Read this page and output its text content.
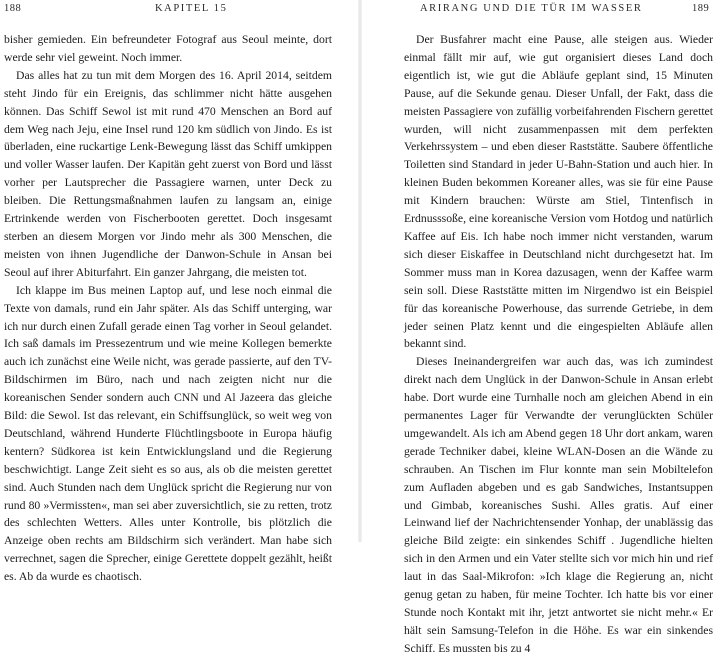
188	KAPITEL 15

bisher gemieden. Ein befreundeter Fotograf aus Seoul meinte, dort werde sehr viel geweint. Noch immer.

Das alles hat zu tun mit dem Morgen des 16. April 2014, seitdem steht Jindo für ein Ereignis, das schlimmer nicht hätte ausgehen können. Das Schiff Sewol ist mit rund 470 Menschen an Bord auf dem Weg nach Jeju, eine Insel rund 120 km südlich von Jindo. Es ist überladen, eine ruckartige Lenk-Bewegung lässt das Schiff umkippen und voller Wasser laufen. Der Kapitän geht zuerst von Bord und lässt vorher per Lautsprecher die Passagiere warnen, unter Deck zu bleiben. Die Rettungsmaßnahmen laufen zu langsam an, einige Ertrinkende werden von Fischerbooten gerettet. Doch insgesamt sterben an diesem Morgen vor Jindo mehr als 300 Menschen, die meisten von ihnen Jugendliche der Danwon-Schule in Ansan bei Seoul auf ihrer Abiturfahrt. Ein ganzer Jahrgang, die meisten tot.

Ich klappe im Bus meinen Laptop auf, und lese noch einmal die Texte von damals, rund ein Jahr später. Als das Schiff unterging, war ich nur durch einen Zufall gerade einen Tag vorher in Seoul gelandet. Ich saß damals im Pressezentrum und wie meine Kollegen bemerkte auch ich zunächst eine Weile nicht, was gerade passierte, auf den TV-Bildschirmen im Büro, nach und nach zeigten nicht nur die koreanischen Sender sondern auch CNN und Al Jazeera das gleiche Bild: die Sewol. Ist das relevant, ein Schiffsunglück, so weit weg von Deutschland, während Hunderte Flüchtlingsboote in Europa häufig kentern? Südkorea ist kein Entwicklungsland und die Regierung beschwichtigt. Lange Zeit sieht es so aus, als ob die meisten gerettet sind. Auch Stunden nach dem Unglück spricht die Regierung nur von rund 80 »Vermissten«, man sei aber zuversichtlich, sie zu retten, trotz des schlechten Wetters. Alles unter Kontrolle, bis plötzlich die Anzeige oben rechts am Bildschirm sich verändert. Man habe sich verrechnet, sagen die Sprecher, einige Gerettete doppelt gezählt, heißt es. Ab da wurde es chaotisch.

ARIRANG UND DIE TÜR IM WASSER	189

Der Busfahrer macht eine Pause, alle steigen aus. Wieder einmal fällt mir auf, wie gut organisiert dieses Land doch eigentlich ist, wie gut die Abläufe geplant sind, 15 Minuten Pause, auf die Sekunde genau. Dieser Unfall, der Fakt, dass die meisten Passagiere von zufällig vorbeifahrenden Fischern gerettet wurden, will nicht zusammenpassen mit dem perfekten Verkehrssystem – und eben dieser Raststätte. Saubere öffentliche Toiletten sind Standard in jeder U-Bahn-Station und auch hier. In kleinen Buden bekommen Koreaner alles, was sie für eine Pause mit Kindern brauchen: Würste am Stiel, Tintenfisch in Erdnusssoße, eine koreanische Version vom Hotdog und natürlich Kaffee auf Eis. Ich habe noch immer nicht verstanden, warum sich dieser Eiskaffee in Deutschland nicht durchgesetzt hat. Im Sommer muss man in Korea dazusagen, wenn der Kaffee warm sein soll. Diese Raststätte mitten im Nirgendwo ist ein Beispiel für das koreanische Powerhouse, das surrende Getriebe, in dem jeder seinen Platz kennt und die eingespielten Abläufe allen bekannt sind.

Dieses Ineinandergreifen war auch das, was ich zumindest direkt nach dem Unglück in der Danwon-Schule in Ansan erlebt habe. Dort wurde eine Turnhalle noch am gleichen Abend in ein permanentes Lager für Verwandte der verunglückten Schüler umgewandelt. Als ich am Abend gegen 18 Uhr dort ankam, waren gerade Techniker dabei, kleine WLAN-Dosen an die Wände zu schrauben. An Tischen im Flur konnte man sein Mobiltelefon zum Aufladen abgeben und es gab Sandwiches, Instantsuppen und Gimbab, koreanisches Sushi. Alles gratis. Auf einer Leinwand lief der Nachrichtensender Yonhap, der unablässig das gleiche Bild zeigte: ein sinkendes Schiff . Jugendliche hielten sich in den Armen und ein Vater stellte sich vor mich hin und rief laut in das Saal-Mikrofon: »Ich klage die Regierung an, nicht genug getan zu haben, für meine Tochter. Ich hatte bis vor einer Stunde noch Kontakt mit ihr, jetzt antwortet sie nicht mehr.« Er hält sein Samsung-Telefon in die Höhe. Es war ein sinkendes Schiff. Es mussten bis zu 4
